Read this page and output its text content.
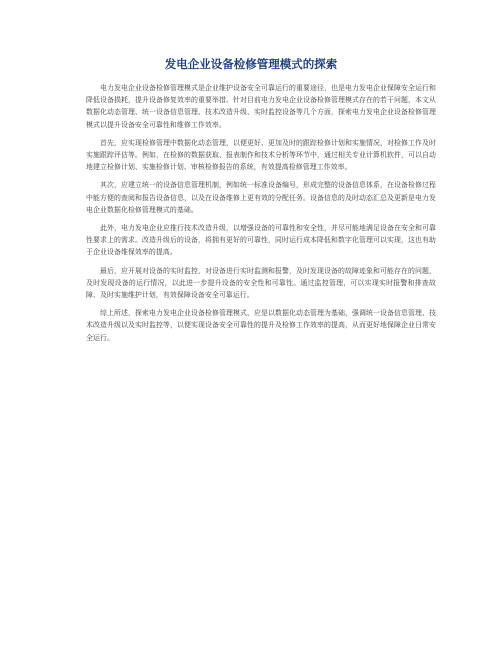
发电企业设备检修管理模式的探索

电力发电企业设备检修管理模式是企业维护设备安全可靠运行的重要途径，也是电力发电企业保障安全运行和降低设备损耗，提升设备修复效率的重要举措。针对目前电力发电企业设备检修管理模式存在的若干问题，本文从数据化动态管理、统一设备信息管理、技术改造升级、实时监控设备等几个方面，探索电力发电企业设备检修管理模式以提升设备安全可靠性和维修工作效率。

首先，应实现检修管理中数据化动态管理，以便更好、更加及时的跟踪检修计划和实施情况，对检修工作及时实施跟踪评估等。例如，在检修的数据获取、报表制作和技术分析等环节中，通过相关专业计算机软件，可以自动地建立检修计划、实施检修计划、审核检修报告的系统，有效提高检修管理工作效率。

其次，应建立统一的设备信息管理机制，例如统一标准设备编号，形成完整的设备信息体系，在设备检修过程中能方便的查阅和报告设备信息，以及在设备维修上更有效的分配任务。设备信息的及时动态汇总及更新是电力发电企业数据化检修管理模式的基础。

此外，电力发电企业应推行技术改造升级，以增强设备的可靠性和安全性，并尽可能地满足设备在安全和可靠性要求上的需求。改造升级后的设备，将拥有更好的可靠性，同时运行成本降低和数字化管理可以实现，这也有助于企业设备维保效率的提高。

最后，应开展对设备的实时监控，对设备进行实时监测和报警，及时发现设备的故障迹象和可能存在的问题，及时发现设备的运行情况，以此进一步提升设备的安全性和可靠性。通过监控管理，可以实现实时报警和排查故障、及时实施维护计划，有效保障设备安全可靠运行。

综上所述，探索电力发电企业设备检修管理模式，应是以数据化动态管理为基础，强调统一设备信息管理、技术改造升级以及实时监控等，以便实现设备安全可靠性的提升及检修工作效率的提高，从而更好地保障企业日常安全运行。
